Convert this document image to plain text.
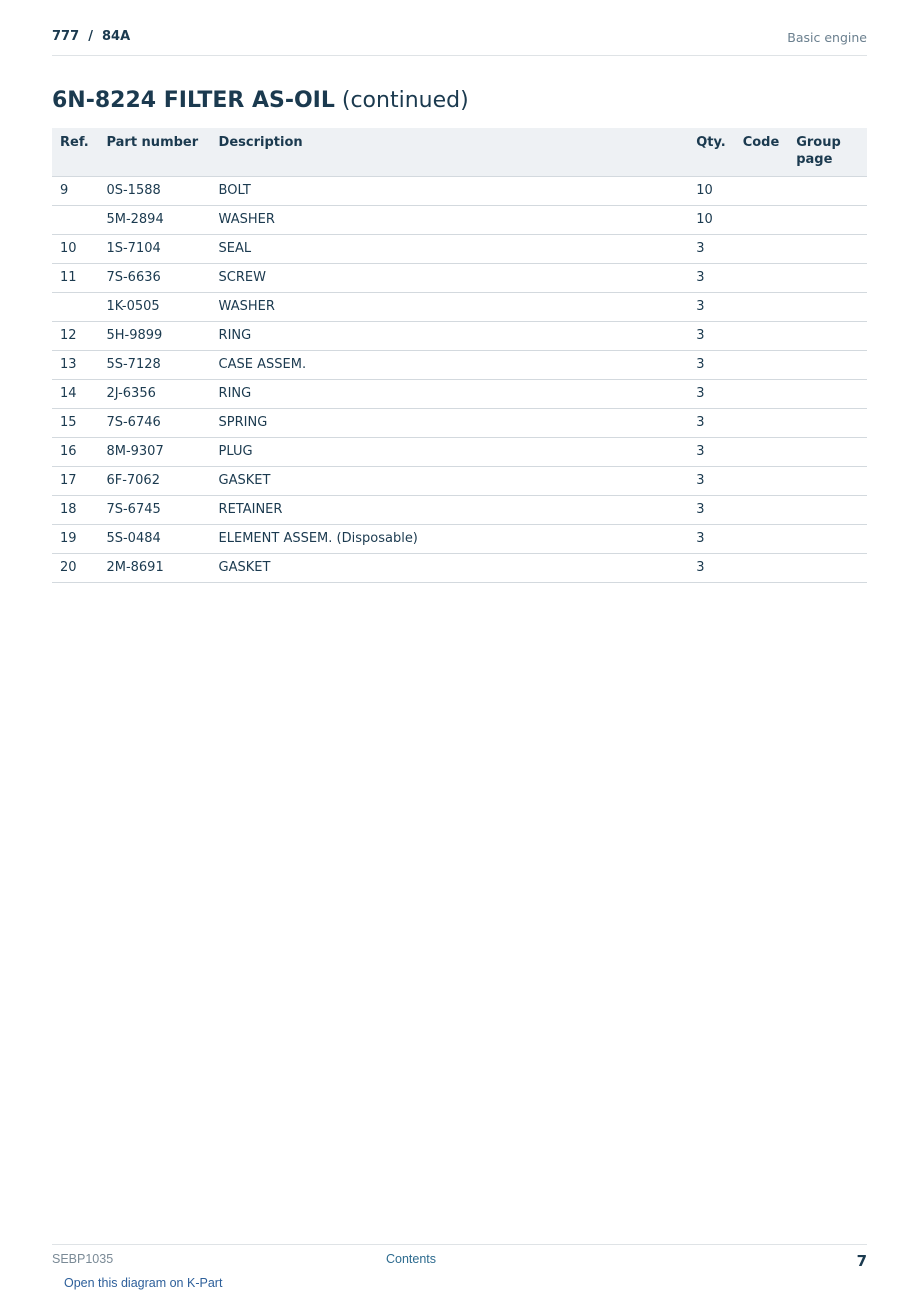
777  /  84A	Basic engine
6N-8224 FILTER AS-OIL (continued)
Ref.	Part number	Description	Qty.	Code	Group page
9	0S-1588	BOLT	10		
	5M-2894	WASHER	10		
10	1S-7104	SEAL	3		
11	7S-6636	SCREW	3		
	1K-0505	WASHER	3		
12	5H-9899	RING	3		
13	5S-7128	CASE ASSEM.	3		
14	2J-6356	RING	3		
15	7S-6746	SPRING	3		
16	8M-9307	PLUG	3		
17	6F-7062	GASKET	3		
18	7S-6745	RETAINER	3		
19	5S-0484	ELEMENT ASSEM. (Disposable)	3		
20	2M-8691	GASKET	3		
SEBP1035	Contents	7
Open this diagram on K-Part
